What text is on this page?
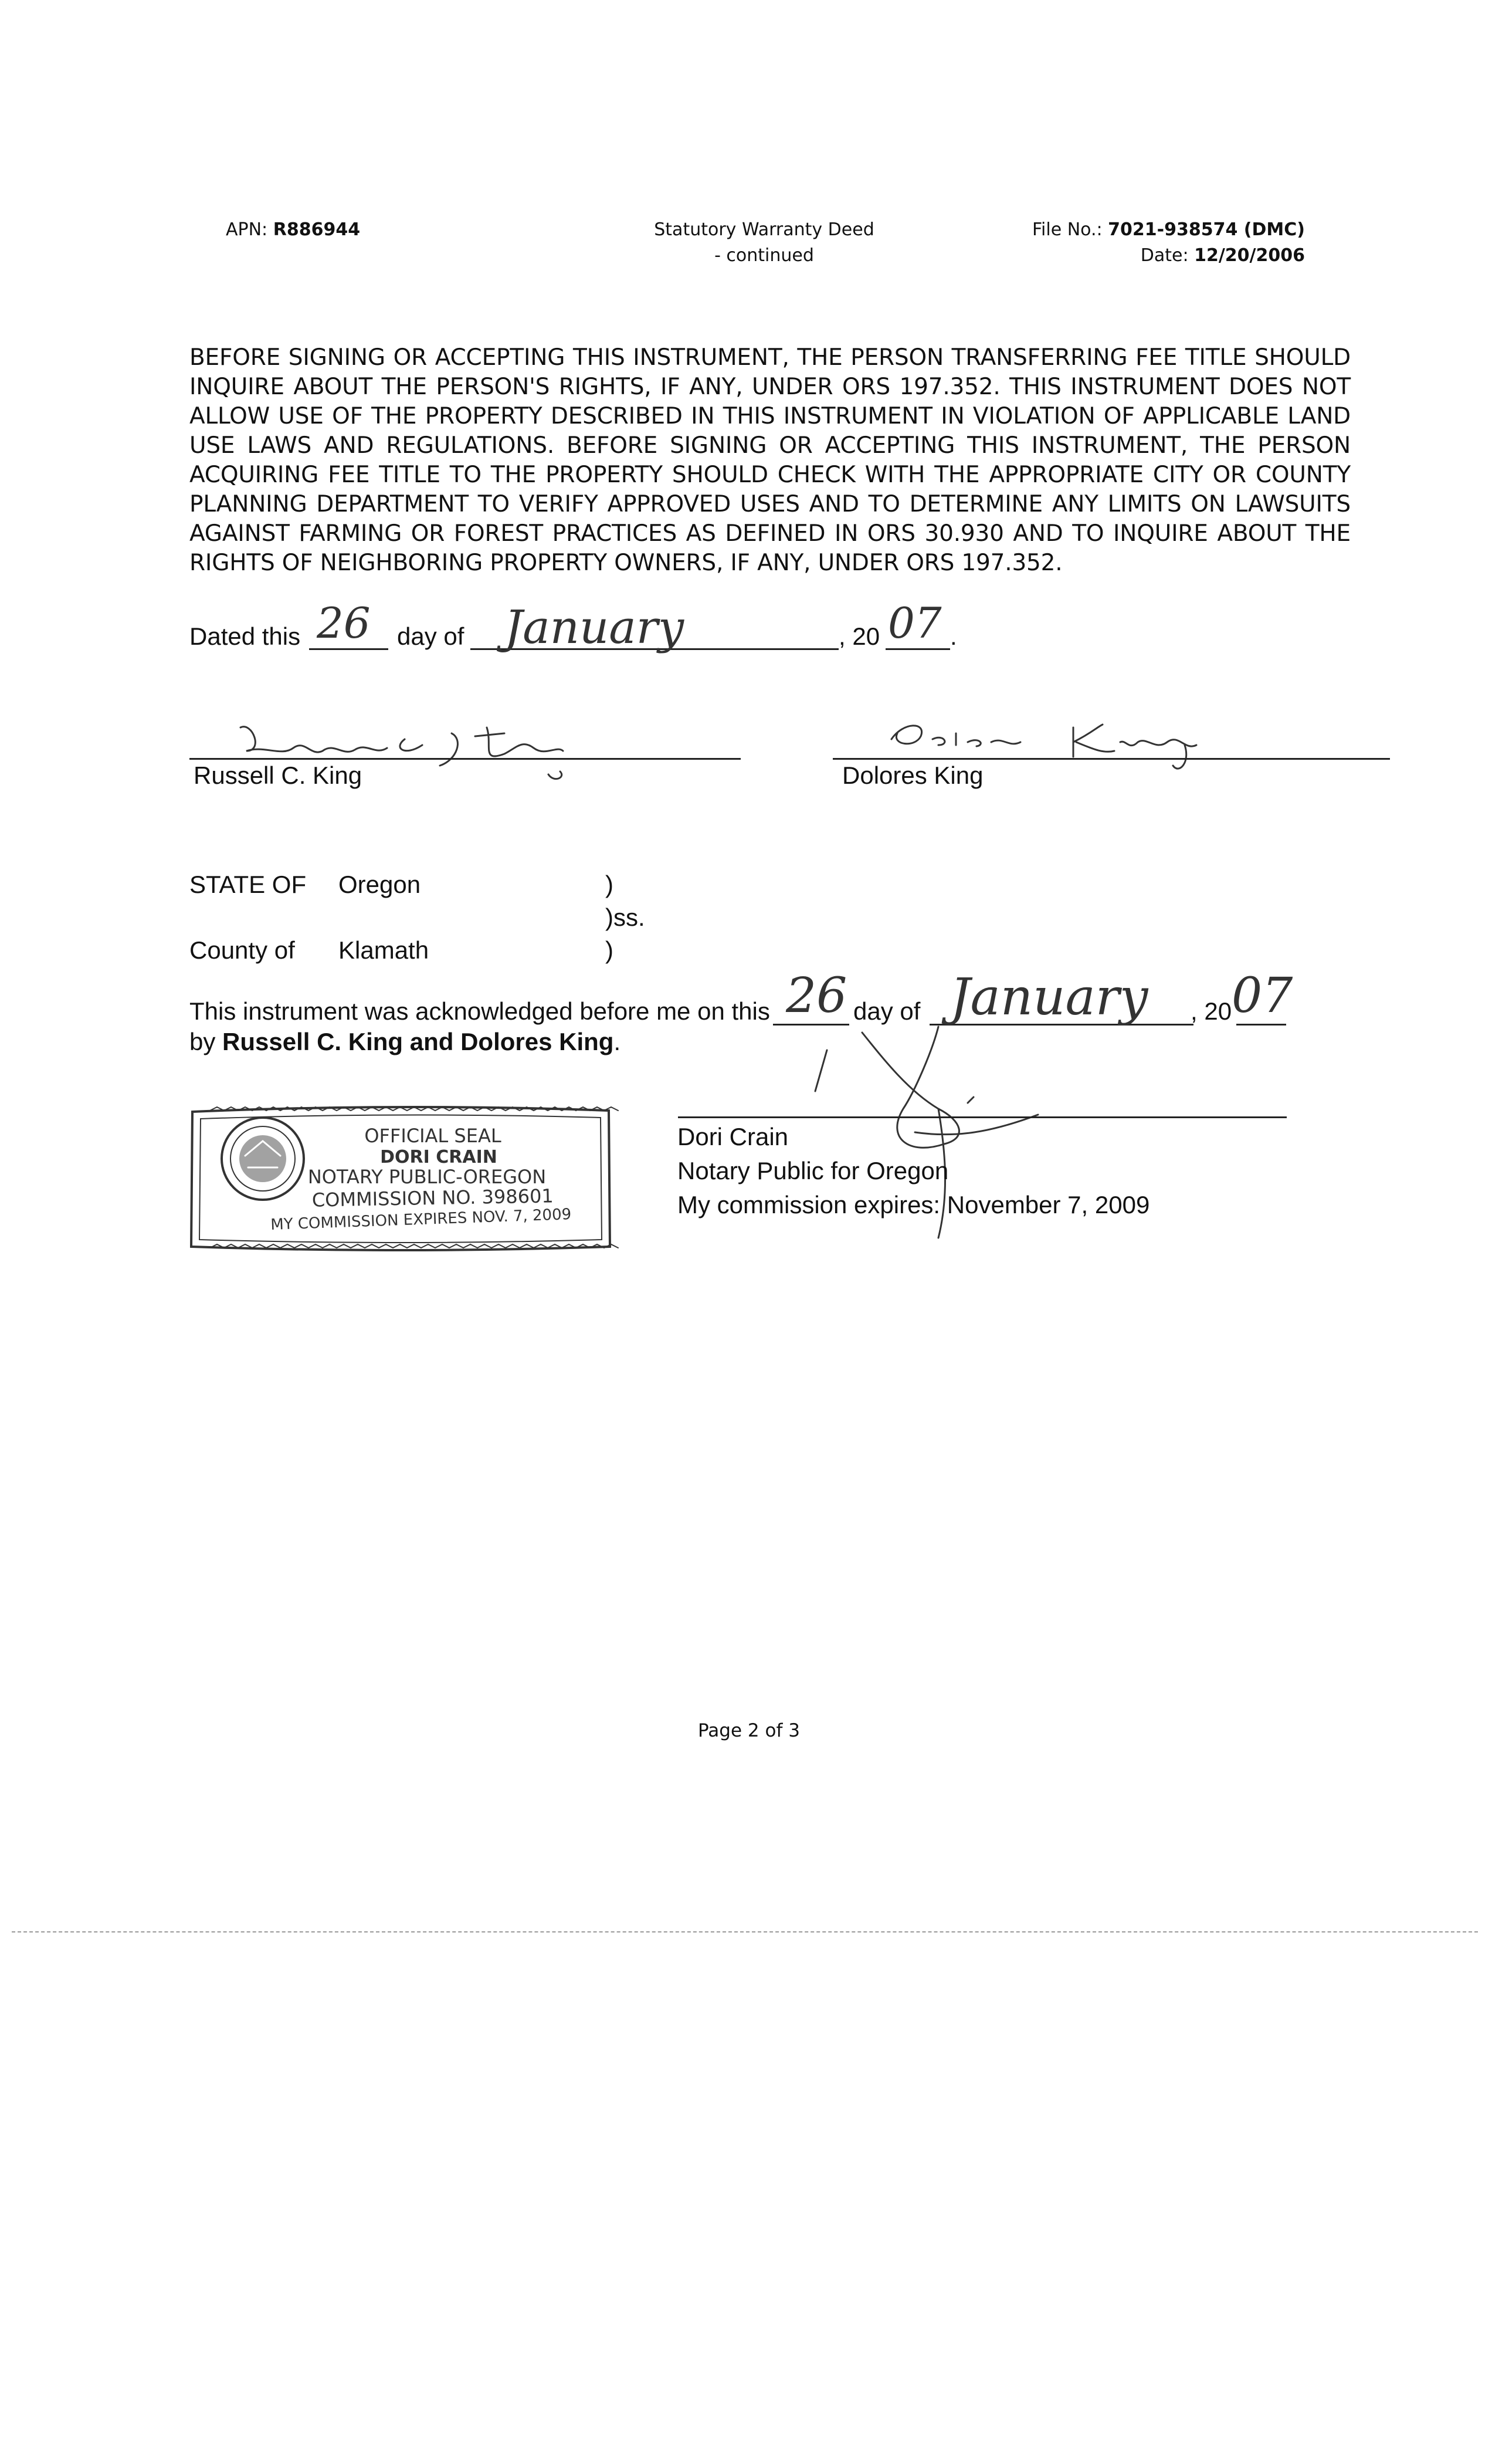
APN: R886944	Statutory Warranty Deed
- continued
File No.: 7021-938574 (DMC)
Date: 12/20/2006
BEFORE SIGNING OR ACCEPTING THIS INSTRUMENT, THE PERSON TRANSFERRING FEE TITLE SHOULD
INQUIRE ABOUT THE PERSON'S RIGHTS, IF ANY, UNDER ORS 197.352. THIS INSTRUMENT DOES NOT
ALLOW USE OF THE PROPERTY DESCRIBED IN THIS INSTRUMENT IN VIOLATION OF APPLICABLE LAND
USE LAWS AND REGULATIONS. BEFORE SIGNING OR ACCEPTING THIS INSTRUMENT, THE PERSON
ACQUIRING FEE TITLE TO THE PROPERTY SHOULD CHECK WITH THE APPROPRIATE CITY OR COUNTY
PLANNING DEPARTMENT TO VERIFY APPROVED USES AND TO DETERMINE ANY LIMITS ON LAWSUITS
AGAINST FARMING OR FOREST PRACTICES AS DEFINED IN ORS 30.930 AND TO INQUIRE ABOUT THE
RIGHTS OF NEIGHBORING PROPERTY OWNERS, IF ANY, UNDER ORS 197.352.
Dated this 26 day of January	, 20 07 .
Russell C. King	Dolores King
STATE OF Oregon	)
)ss.
County of Klamath	)
This instrument was acknowledged before me on this 26 day of January , 20 07
by Russell C. King and Dolores King.
Dori Crain
Notary Public for Oregon
My commission expires: November 7, 2009
OFFICIAL SEAL
DORI CRAIN
NOTARY PUBLIC-OREGON
COMMISSION NO. 398601
MY COMMISSION EXPIRES NOV. 7, 2009
Page 2 of 3
